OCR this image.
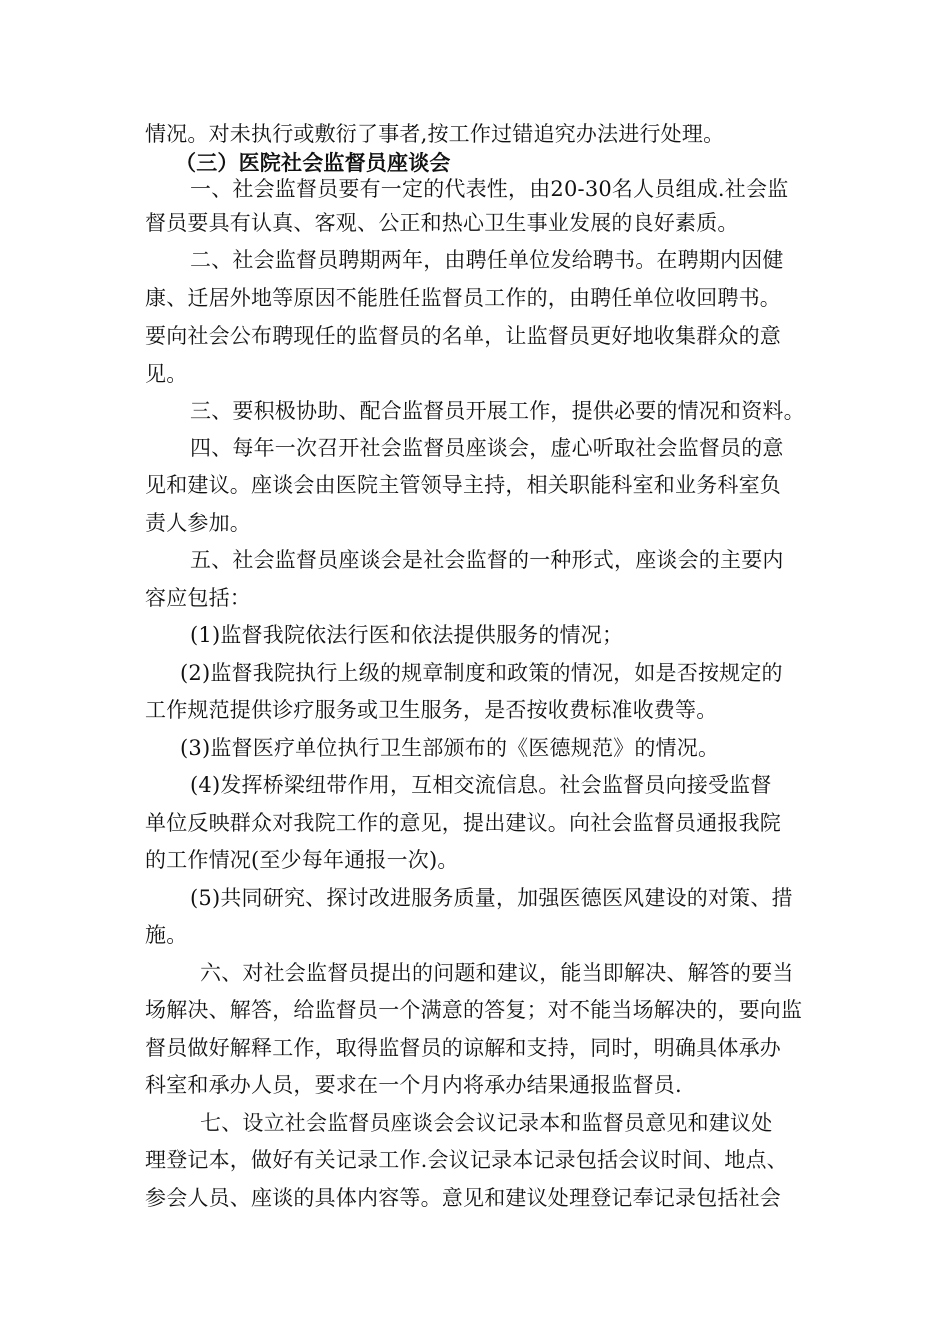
情况。对未执行或敷衍了事者,按工作过错追究办法进行处理。
（三）医院社会监督员座谈会
一、社会监督员要有一定的代表性，由20-30名人员组成.社会监
督员要具有认真、客观、公正和热心卫生事业发展的良好素质。
二、社会监督员聘期两年，由聘任单位发给聘书。在聘期内因健
康、迁居外地等原因不能胜任监督员工作的，由聘任单位收回聘书。
要向社会公布聘现任的监督员的名单，让监督员更好地收集群众的意
见。
三、要积极协助、配合监督员开展工作，提供必要的情况和资料。
四、每年一次召开社会监督员座谈会，虚心听取社会监督员的意
见和建议。座谈会由医院主管领导主持，相关职能科室和业务科室负
责人参加。
五、社会监督员座谈会是社会监督的一种形式，座谈会的主要内
容应包括：
(1)监督我院依法行医和依法提供服务的情况；
(2)监督我院执行上级的规章制度和政策的情况，如是否按规定的
工作规范提供诊疗服务或卫生服务，是否按收费标准收费等。
(3)监督医疗单位执行卫生部颁布的《医德规范》的情况。
(4)发挥桥梁纽带作用，互相交流信息。社会监督员向接受监督
单位反映群众对我院工作的意见，提出建议。向社会监督员通报我院
的工作情况(至少每年通报一次)。
(5)共同研究、探讨改进服务质量，加强医德医风建设的对策、措
施。
六、对社会监督员提出的问题和建议，能当即解决、解答的要当
场解决、解答，给监督员一个满意的答复；对不能当场解决的，要向监
督员做好解释工作，取得监督员的谅解和支持，同时，明确具体承办
科室和承办人员，要求在一个月内将承办结果通报监督员.
七、设立社会监督员座谈会会议记录本和监督员意见和建议处
理登记本，做好有关记录工作.会议记录本记录包括会议时间、地点、
参会人员、座谈的具体内容等。意见和建议处理登记奉记录包括社会
